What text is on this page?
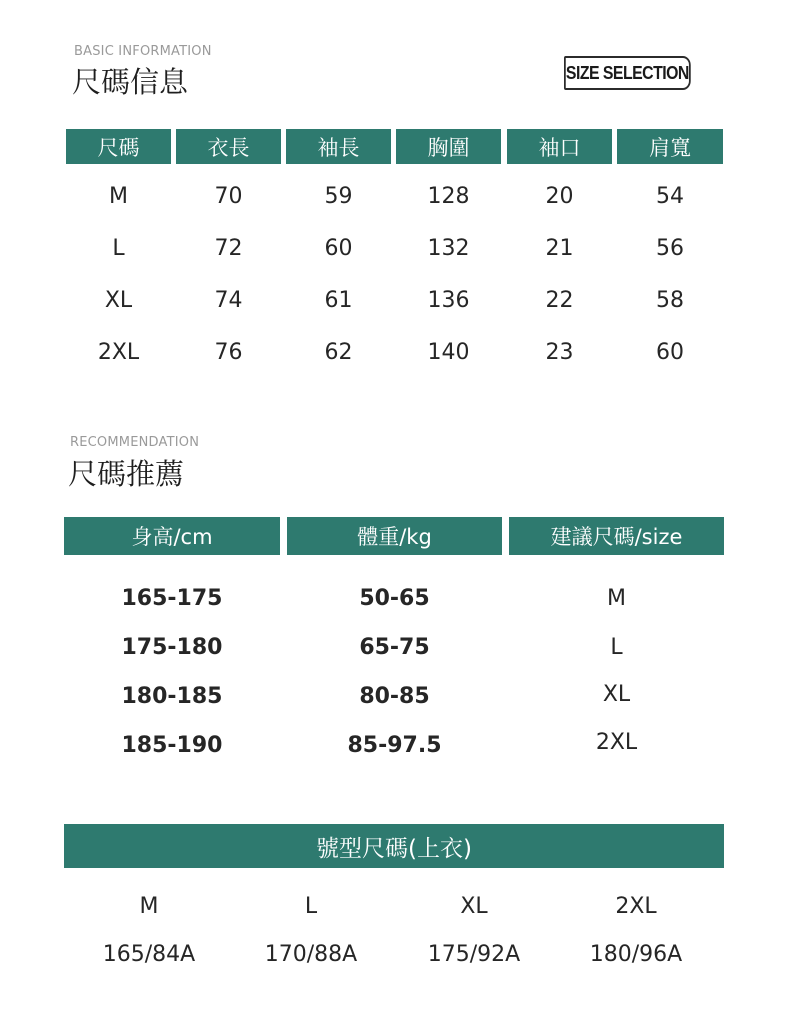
BASIC INFORMATION
尺碼信息	SIZE SELECTION
尺碼	衣長	袖長	胸圍	袖口	肩寬
M	70	59	128	20	54
L	72	60	132	21	56
XL	74	61	136	22	58
2XL	76	62	140	23	60
RECOMMENDATION
尺碼推薦
身高/cm	體重/kg	建議尺碼/size
165-175	50-65	M
175-180	65-75	L
180-185	80-85	XL
185-190	85-97.5	2XL
號型尺碼(上衣)
M	L	XL	2XL
165/84A	170/88A	175/92A	180/96A
